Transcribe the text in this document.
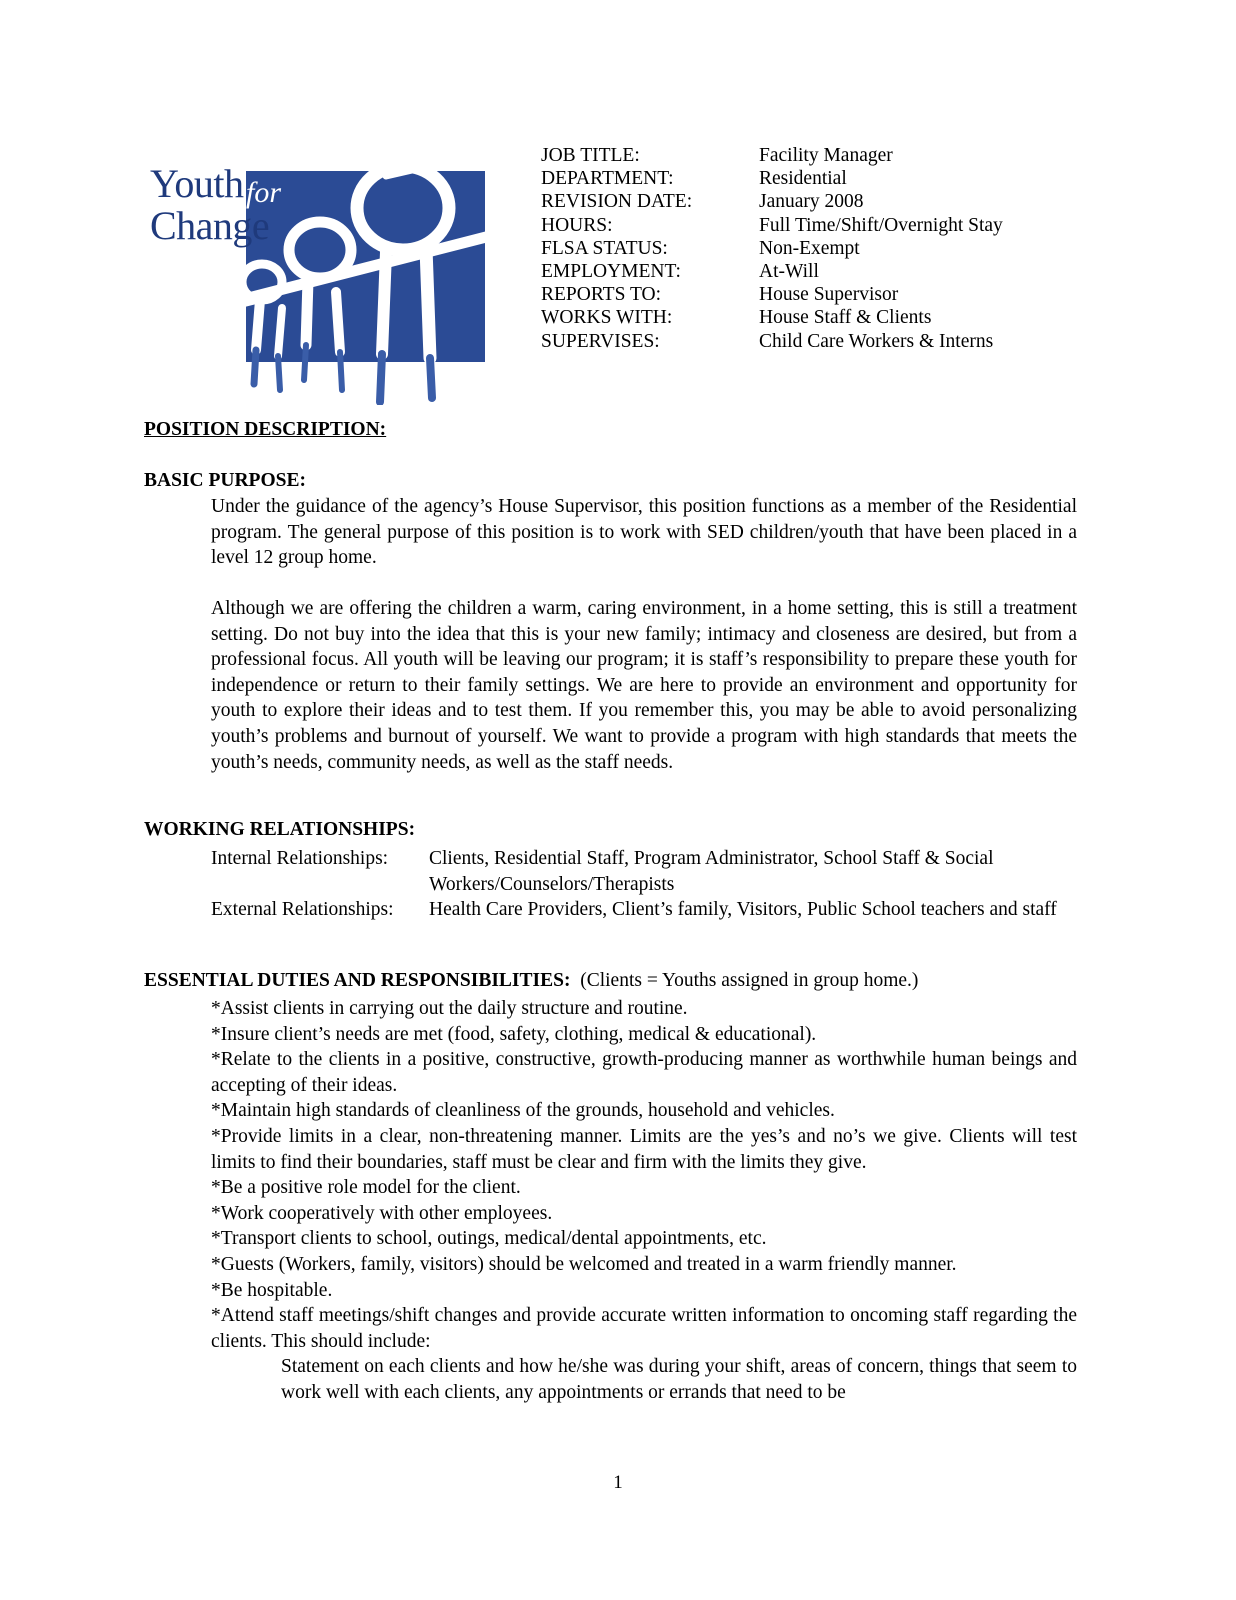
Youth
Change
for
JOB TITLE:	Facility Manager
DEPARTMENT:	Residential
REVISION DATE:	January 2008
HOURS:	Full Time/Shift/Overnight Stay
FLSA STATUS:	Non-Exempt
EMPLOYMENT:	At-Will
REPORTS TO:	House Supervisor
WORKS WITH:	House Staff & Clients
SUPERVISES:	Child Care Workers & Interns
POSITION DESCRIPTION:
BASIC PURPOSE:
Under the guidance of the agency’s House Supervisor, this position functions as a member of the Residential program. The general purpose of this position is to work with SED children/youth that have been placed in a level 12 group home.
Although we are offering the children a warm, caring environment, in a home setting, this is still a treatment setting. Do not buy into the idea that this is your new family; intimacy and closeness are desired, but from a professional focus. All youth will be leaving our program; it is staff’s responsibility to prepare these youth for independence or return to their family settings. We are here to provide an environment and opportunity for youth to explore their ideas and to test them. If you remember this, you may be able to avoid personalizing youth’s problems and burnout of yourself. We want to provide a program with high standards that meets the youth’s needs, community needs, as well as the staff needs.
WORKING RELATIONSHIPS:
Internal Relationships:	Clients, Residential Staff, Program Administrator, School Staff & Social Workers/Counselors/Therapists
External Relationships:	Health Care Providers, Client’s family, Visitors, Public School teachers and staff
ESSENTIAL DUTIES AND RESPONSIBILITIES: (Clients = Youths assigned in group home.)

*Assist clients in carrying out the daily structure and routine.

*Insure client’s needs are met (food, safety, clothing, medical & educational).

*Relate to the clients in a positive, constructive, growth-producing manner as worthwhile human beings and accepting of their ideas.

*Maintain high standards of cleanliness of the grounds, household and vehicles.

*Provide limits in a clear, non-threatening manner. Limits are the yes’s and no’s we give. Clients will test limits to find their boundaries, staff must be clear and firm with the limits they give.

*Be a positive role model for the client.

*Work cooperatively with other employees.

*Transport clients to school, outings, medical/dental appointments, etc.

*Guests (Workers, family, visitors) should be welcomed and treated in a warm friendly manner.

*Be hospitable.

*Attend staff meetings/shift changes and provide accurate written information to oncoming staff regarding the clients. This should include:

Statement on each clients and how he/she was during your shift, areas of concern, things that seem to work well with each clients, any appointments or errands that need to be

1
